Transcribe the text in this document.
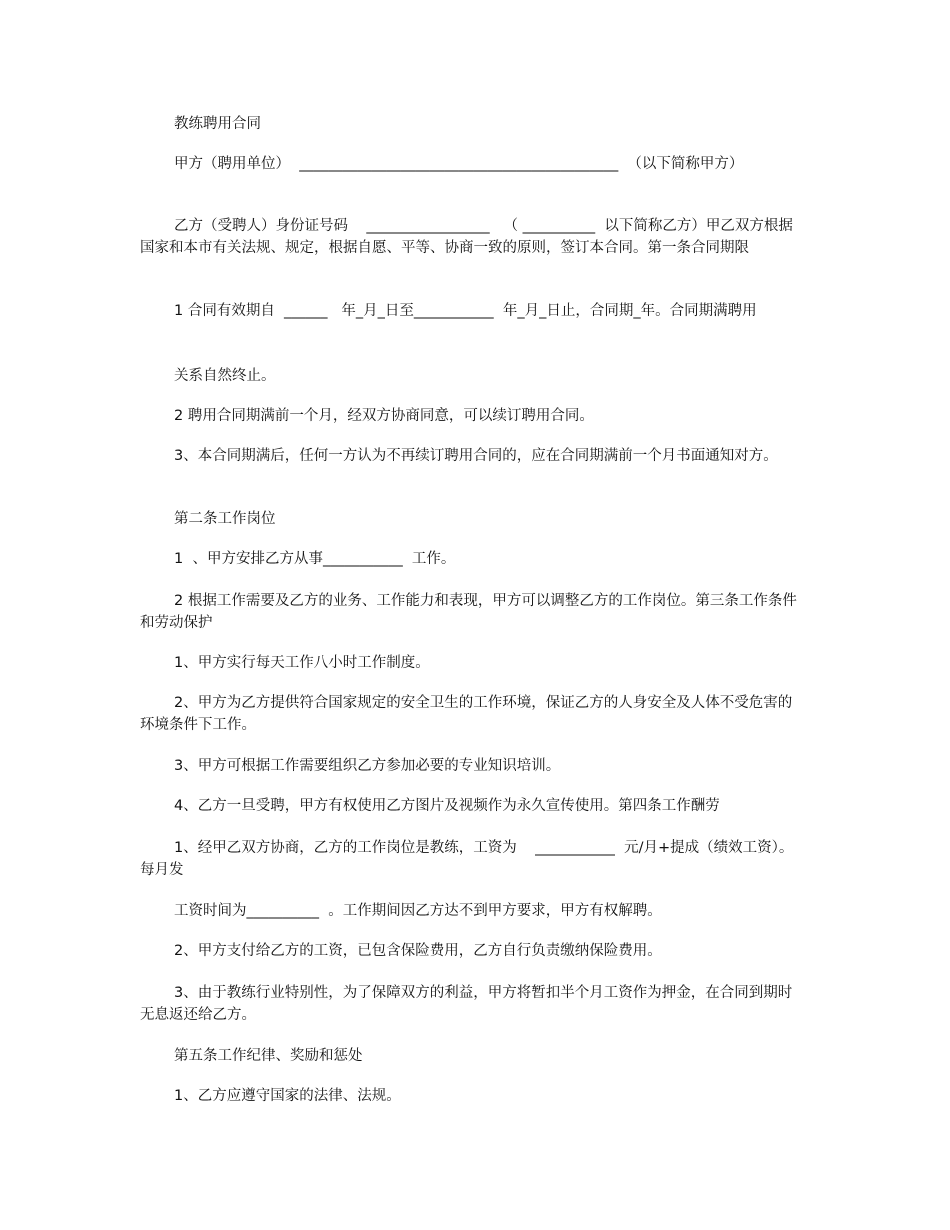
教练聘用合同

甲方（聘用单位）  ____________________________________________  （以下简称甲方）

乙方（受聘人）身份证号码    _________________   （ __________  以下简称乙方）甲乙双方根据国家和本市有关法规、规定，根据自愿、平等、协商一致的原则，签订本合同。第一条合同期限

1 合同有效期自  ______   年_月_日至___________  年_月_日止，合同期_年。合同期满聘用

关系自然终止。

2 聘用合同期满前一个月，经双方协商同意，可以续订聘用合同。

3、本合同期满后，任何一方认为不再续订聘用合同的，应在合同期满前一个月书面通知对方。

第二条工作岗位

1  、甲方安排乙方从事___________  工作。

2 根据工作需要及乙方的业务、工作能力和表现，甲方可以调整乙方的工作岗位。第三条工作条件和劳动保护

1、甲方实行每天工作八小时工作制度。

2、甲方为乙方提供符合国家规定的安全卫生的工作环境，保证乙方的人身安全及人体不受危害的环境条件下工作。

3、甲方可根据工作需要组织乙方参加必要的专业知识培训。

4、乙方一旦受聘，甲方有权使用乙方图片及视频作为永久宣传使用。第四条工作酬劳

1、经甲乙双方协商，乙方的工作岗位是教练，工资为    ___________  元/月+提成（绩效工资）。每月发

工资时间为__________  。工作期间因乙方达不到甲方要求，甲方有权解聘。

2、甲方支付给乙方的工资，已包含保险费用，乙方自行负责缴纳保险费用。

3、由于教练行业特别性，为了保障双方的利益，甲方将暂扣半个月工资作为押金，在合同到期时无息返还给乙方。

第五条工作纪律、奖励和惩处

1、乙方应遵守国家的法律、法规。
